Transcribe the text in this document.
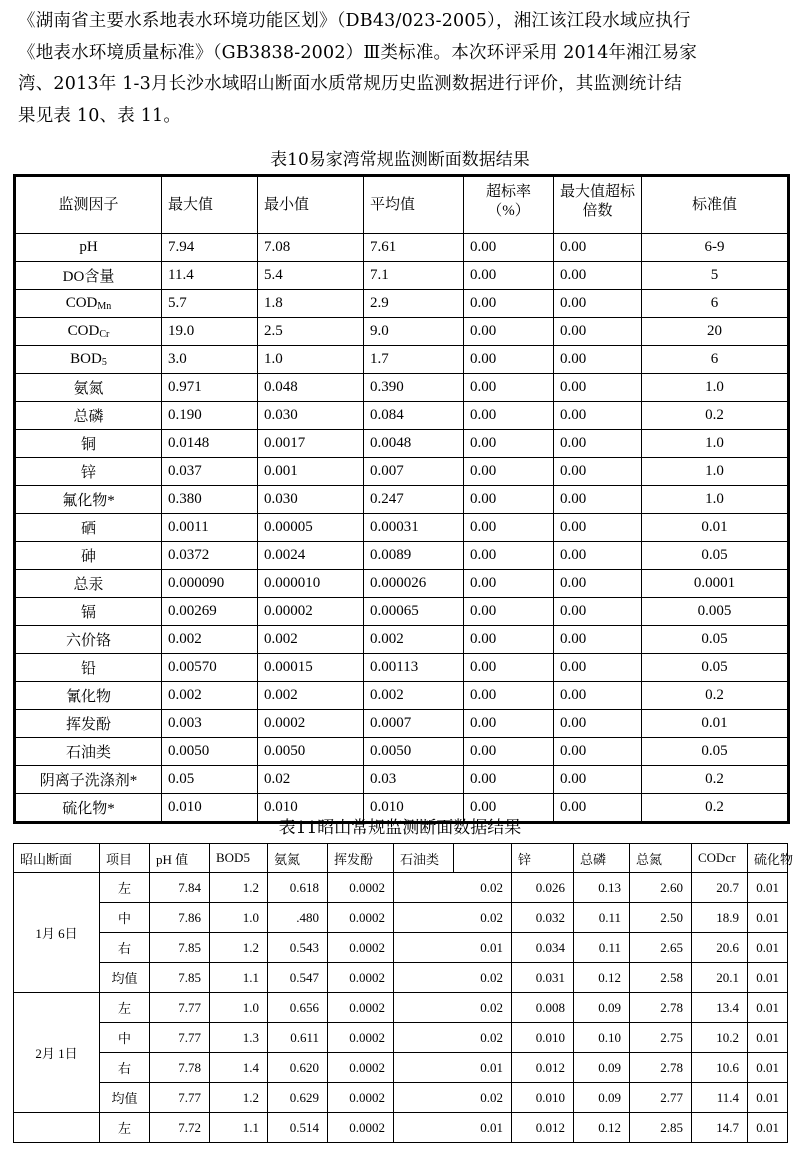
《湖南省主要水系地表水环境功能区划》（DB43/023-2005），湘江该江段水域应执行
《地表水环境质量标准》（GB3838-2002）Ⅲ类标准。本次环评采用 2014年湘江易家
湾、2013年 1-3月长沙水域昭山断面水质常规历史监测数据进行评价，其监测统计结
果见表 10、表 11。
表10易家湾常规监测断面数据结果
监测因子	最大值	最小值	平均值	超标率（%）	最大值超标倍数	标准值
pH	7.94	7.08	7.61	0.00	0.00	6-9
DO含量	11.4	5.4	7.1	0.00	0.00	5
$COD_{Mn}$	5.7	1.8	2.9	0.00	0.00	6
$COD_{Cr}$	19.0	2.5	9.0	0.00	0.00	20
$BOD_5$	3.0	1.0	1.7	0.00	0.00	6
氨氮	0.971	0.048	0.390	0.00	0.00	1.0
总磷	0.190	0.030	0.084	0.00	0.00	0.2
铜	0.0148	0.0017	0.0048	0.00	0.00	1.0
锌	0.037	0.001	0.007	0.00	0.00	1.0
氟化物*	0.380	0.030	0.247	0.00	0.00	1.0
硒	0.0011	0.00005	0.00031	0.00	0.00	0.01
砷	0.0372	0.0024	0.0089	0.00	0.00	0.05
总汞	0.000090	0.000010	0.000026	0.00	0.00	0.0001
镉	0.00269	0.00002	0.00065	0.00	0.00	0.005
六价铬	0.002	0.002	0.002	0.00	0.00	0.05
铅	0.00570	0.00015	0.00113	0.00	0.00	0.05
氰化物	0.002	0.002	0.002	0.00	0.00	0.2
挥发酚	0.003	0.0002	0.0007	0.00	0.00	0.01
石油类	0.0050	0.0050	0.0050	0.00	0.00	0.05
阴离子洗涤剂*	0.05	0.02	0.03	0.00	0.00	0.2
硫化物*	0.010	0.010	0.010	0.00	0.00	0.2
表11昭山常规监测断面数据结果
昭山断面	项目	pH 值	BOD5	氨氮	挥发酚	石油类		锌	总磷	总氮	CODcr	硫化物
1月 6日	左	7.84	1.2	0.618	0.0002	0.02		0.026	0.13	2.60	20.7	0.01
	中	7.86	1.0	.480	0.0002	0.02		0.032	0.11	2.50	18.9	0.01
	右	7.85	1.2	0.543	0.0002	0.01		0.034	0.11	2.65	20.6	0.01
	均值	7.85	1.1	0.547	0.0002	0.02		0.031	0.12	2.58	20.1	0.01
2月 1日	左	7.77	1.0	0.656	0.0002	0.02		0.008	0.09	2.78	13.4	0.01
	中	7.77	1.3	0.611	0.0002	0.02		0.010	0.10	2.75	10.2	0.01
	右	7.78	1.4	0.620	0.0002	0.01		0.012	0.09	2.78	10.6	0.01
	均值	7.77	1.2	0.629	0.0002	0.02		0.010	0.09	2.77	11.4	0.01
	左	7.72	1.1	0.514	0.0002	0.01		0.012	0.12	2.85	14.7	0.01
